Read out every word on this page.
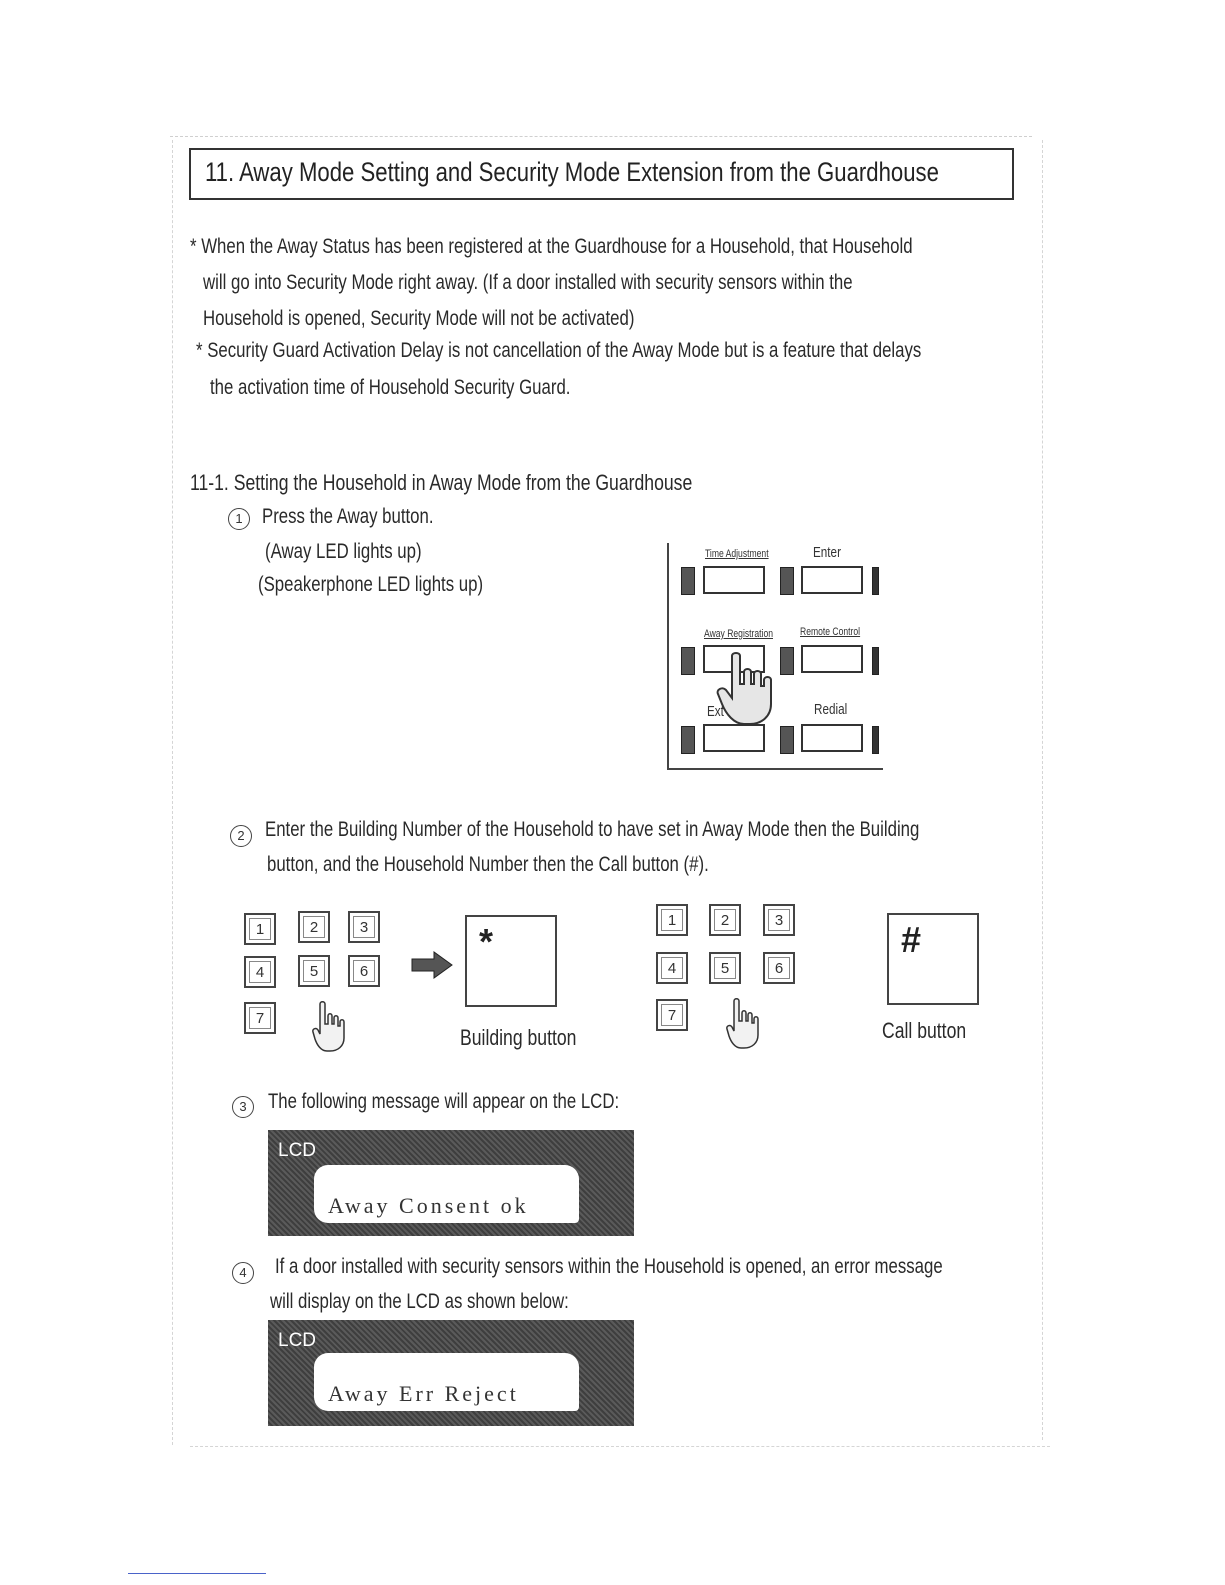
11. Away Mode Setting and Security Mode Extension from the Guardhouse
* When the Away Status has been registered at the Guardhouse for a Household, that Household
will go into Security Mode right away. (If a door installed with security sensors within the
Household is opened, Security Mode will not be activated)
* Security Guard Activation Delay is not cancellation of the Away Mode but is a feature that delays
the activation time of Household Security Guard.
11-1. Setting the Household in Away Mode from the Guardhouse
1 Press the Away button.
(Away LED lights up)
(Speakerphone LED lights up)
Time Adjustment	Enter
Away Registration Remote Control
Ext	Redial
2 Enter the Building Number of the Household to have set in Away Mode then the Building
button, and the Household Number then the Call button (#).
1	2	3
4	5	6
7
*
Building button
1	2	3
4	5	6
7
#
Call button
3	The following message will appear on the LCD:
LCD
Away Consent ok
4	If a door installed with security sensors within the Household is opened, an error message
will display on the LCD as shown below:
LCD
Away Err Reject
